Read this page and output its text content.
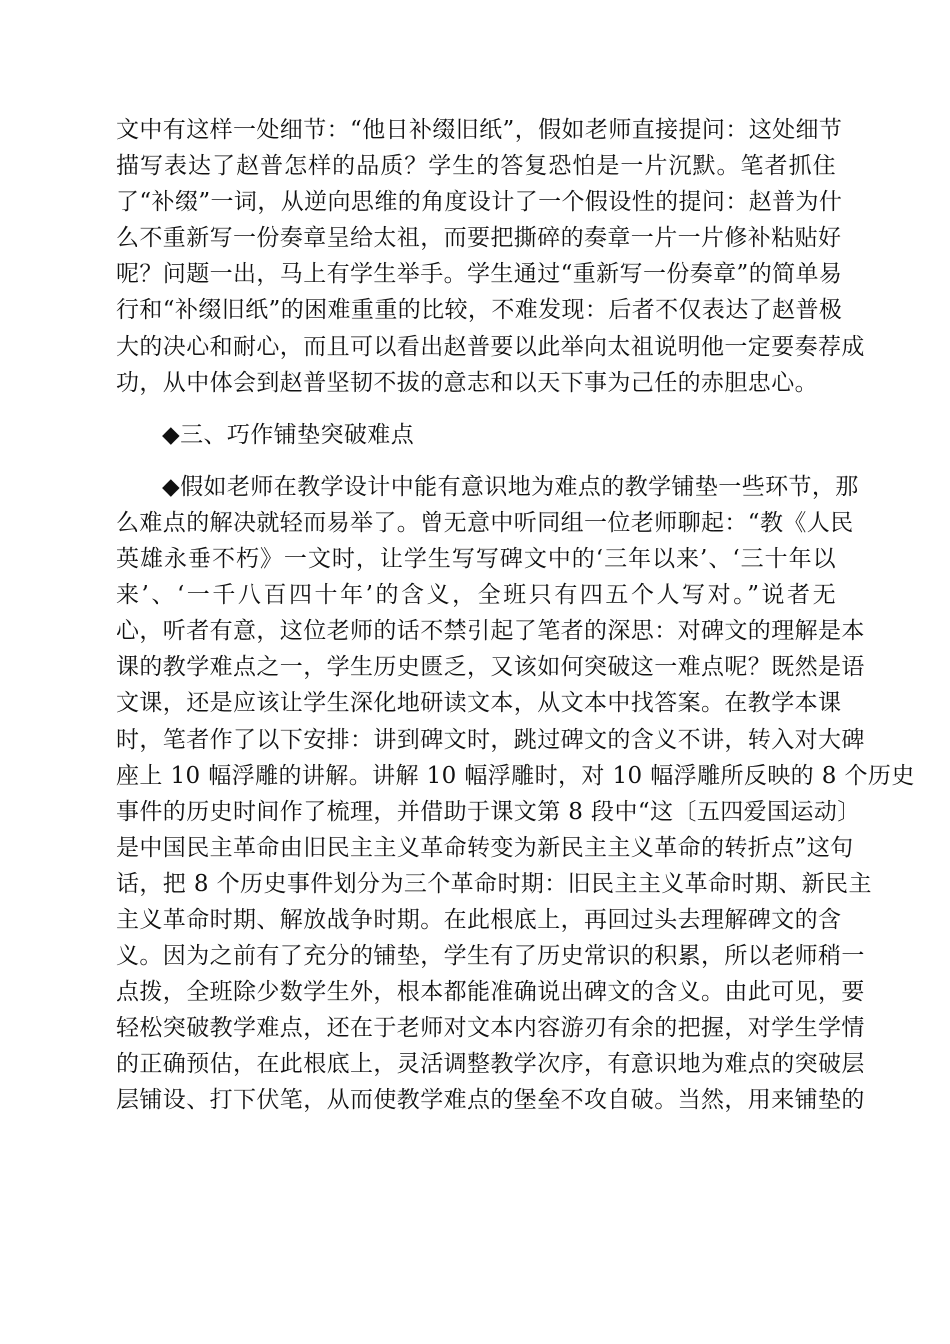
文中有这样一处细节：“他日补缀旧纸”，假如老师直接提问：这处细节
描写表达了赵普怎样的品质？学生的答复恐怕是一片沉默。笔者抓住
了“补缀”一词，从逆向思维的角度设计了一个假设性的提问：赵普为什
么不重新写一份奏章呈给太祖，而要把撕碎的奏章一片一片修补粘贴好
呢？问题一出，马上有学生举手。学生通过“重新写一份奏章”的简单易
行和“补缀旧纸”的困难重重的比较，不难发现：后者不仅表达了赵普极
大的决心和耐心，而且可以看出赵普要以此举向太祖说明他一定要奏荐成
功，从中体会到赵普坚韧不拔的意志和以天下事为己任的赤胆忠心。
◆三、巧作铺垫突破难点
◆假如老师在教学设计中能有意识地为难点的教学铺垫一些环节，那
么难点的解决就轻而易举了。曾无意中听同组一位老师聊起：“教《人民
英雄永垂不朽》一文时，让学生写写碑文中的‘三年以来’、‘三十年以
来’、‘一千八百四十年’的含义，全班只有四五个人写对。”说者无
心，听者有意，这位老师的话不禁引起了笔者的深思：对碑文的理解是本
课的教学难点之一，学生历史匮乏，又该如何突破这一难点呢？既然是语
文课，还是应该让学生深化地研读文本，从文本中找答案。在教学本课
时，笔者作了以下安排：讲到碑文时，跳过碑文的含义不讲，转入对大碑
座上 10 幅浮雕的讲解。讲解 10 幅浮雕时，对 10 幅浮雕所反映的 8 个历史
事件的历史时间作了梳理，并借助于课文第 8 段中“这〔五四爱国运动〕
是中国民主革命由旧民主主义革命转变为新民主主义革命的转折点”这句
话，把 8 个历史事件划分为三个革命时期：旧民主主义革命时期、新民主
主义革命时期、解放战争时期。在此根底上，再回过头去理解碑文的含
义。因为之前有了充分的铺垫，学生有了历史常识的积累，所以老师稍一
点拨，全班除少数学生外，根本都能准确说出碑文的含义。由此可见，要
轻松突破教学难点，还在于老师对文本内容游刃有余的把握，对学生学情
的正确预估，在此根底上，灵活调整教学次序，有意识地为难点的突破层
层铺设、打下伏笔，从而使教学难点的堡垒不攻自破。当然，用来铺垫的
